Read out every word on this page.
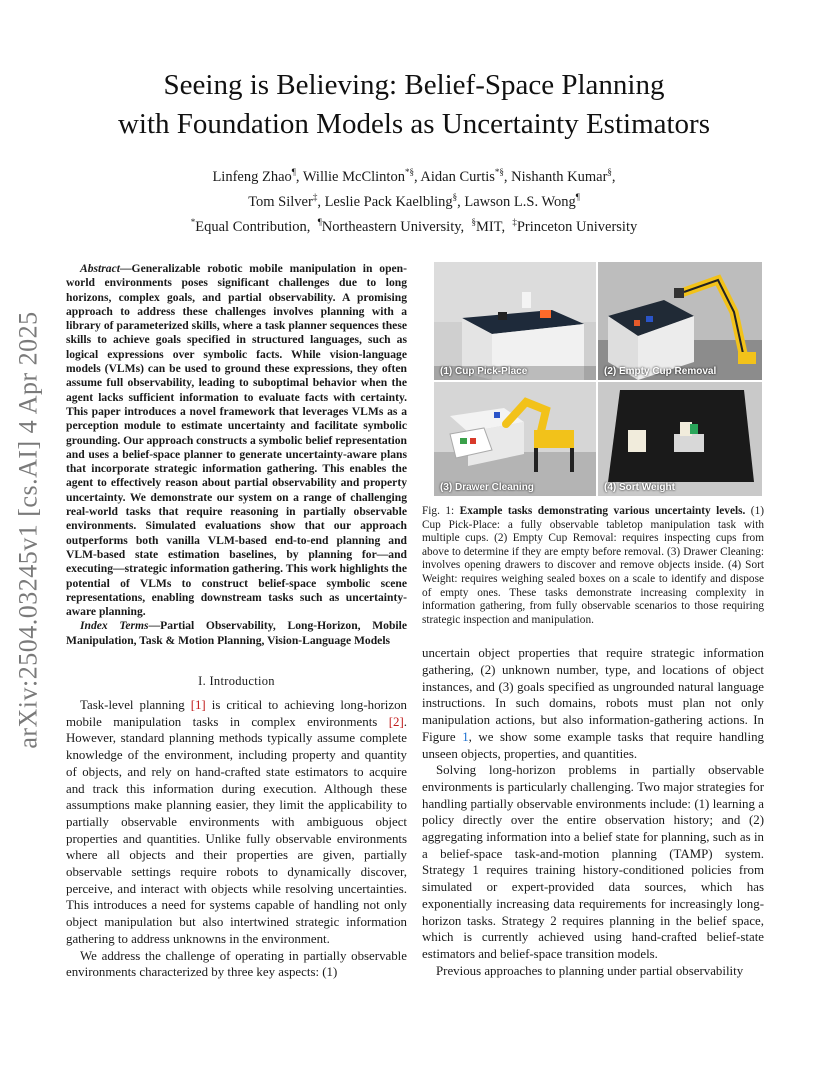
arXiv:2504.03245v1 [cs.AI] 4 Apr 2025
Seeing is Believing: Belief-Space Planning
with Foundation Models as Uncertainty Estimators
Linfeng Zhao¶, Willie McClinton*§, Aidan Curtis*§, Nishanth Kumar§,
Tom Silver‡, Leslie Pack Kaelbling§, Lawson L.S. Wong¶
*Equal Contribution, ¶Northeastern University, §MIT, ‡Princeton University

Abstract—Generalizable robotic mobile manipulation in open-world environments poses significant challenges due to long horizons, complex goals, and partial observability. A promising approach to address these challenges involves planning with a library of parameterized skills, where a task planner sequences these skills to achieve goals specified in structured languages, such as logical expressions over symbolic facts. While vision-language models (VLMs) can be used to ground these expressions, they often assume full observability, leading to suboptimal behavior when the agent lacks sufficient information to evaluate facts with certainty. This paper introduces a novel framework that leverages VLMs as a perception module to estimate uncertainty and facilitate symbolic grounding. Our approach constructs a symbolic belief representation and uses a belief-space planner to generate uncertainty-aware plans that incorporate strategic information gathering. This enables the agent to effectively reason about partial observability and property uncertainty. We demonstrate our system on a range of challenging real-world tasks that require reasoning in partially observable environments. Simulated evaluations show that our approach outperforms both vanilla VLM-based end-to-end planning and VLM-based state estimation baselines, by planning for—and executing—strategic information gathering. This work highlights the potential of VLMs to construct belief-space symbolic scene representations, enabling downstream tasks such as uncertainty-aware planning.

Index Terms—Partial Observability, Long-Horizon, Mobile Manipulation, Task & Motion Planning, Vision-Language Models

I. Introduction

Task-level planning [1] is critical to achieving long-horizon mobile manipulation tasks in complex environments [2]. However, standard planning methods typically assume complete knowledge of the environment, including property and quantity of objects, and rely on hand-crafted state estimators to acquire and track this information during execution. Although these assumptions make planning easier, they limit the applicability to partially observable environments with ambiguous object properties and quantities. Unlike fully observable environments where all objects and their properties are given, partially observable settings require robots to dynamically discover, perceive, and interact with objects while resolving uncertainties. This introduces a need for systems capable of handling not only object manipulation but also intertwined strategic information gathering to address unknowns in the environment.

We address the challenge of operating in partially observable environments characterized by three key aspects: (1)

(1) Cup Pick-Place	(2) Empty Cup Removal
(3) Drawer Cleaning	(4) Sort Weight
Fig. 1: Example tasks demonstrating various uncertainty levels. (1) Cup Pick-Place: a fully observable tabletop manipulation task with multiple cups. (2) Empty Cup Removal: requires inspecting cups from above to determine if they are empty before removal. (3) Drawer Cleaning: involves opening drawers to discover and remove objects inside. (4) Sort Weight: requires weighing sealed boxes on a scale to identify and dispose of empty ones. These tasks demonstrate increasing complexity in information gathering, from fully observable scenarios to those requiring strategic inspection and manipulation.

uncertain object properties that require strategic information gathering, (2) unknown number, type, and locations of object instances, and (3) goals specified as ungrounded natural language instructions. In such domains, robots must plan not only manipulation actions, but also information-gathering actions. In Figure 1, we show some example tasks that require handling unseen objects, properties, and quantities.

Solving long-horizon problems in partially observable environments is particularly challenging. Two major strategies for handling partially observable environments include: (1) learning a policy directly over the entire observation history; and (2) aggregating information into a belief state for planning, such as in a belief-space task-and-motion planning (TAMP) system. Strategy 1 requires training history-conditioned policies from simulated or expert-provided data sources, which has exponentially increasing data requirements for increasingly long-horizon tasks. Strategy 2 requires planning in the belief space, which is currently achieved using hand-crafted belief-state estimators and belief-space transition models.

Previous approaches to planning under partial observability
